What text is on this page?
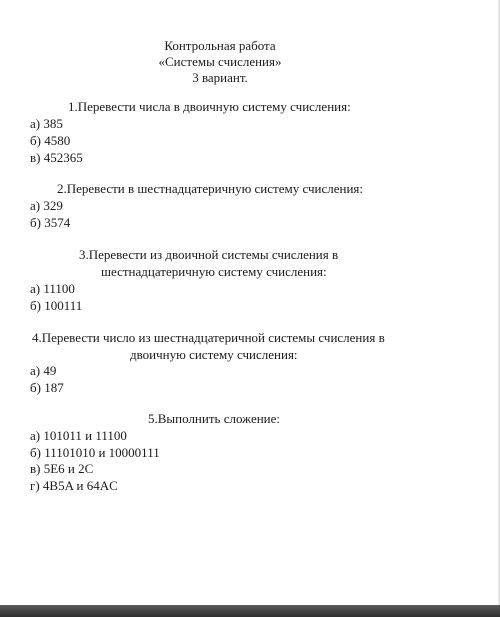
Контрольная работа
«Системы счисления»
3 вариант.
1.Перевести числа в двоичную систему счисления:
а) 385
б) 4580
в) 452365
2.Перевести в шестнадцатеричную систему счисления:
а) 329
б) 3574
3.Перевести из двоичной системы счисления в
шестнадцатеричную систему счисления:
а) 11100
б) 100111
4.Перевести число из шестнадцатеричной системы счисления в
двоичную систему счисления:
а) 49
б) 187
5.Выполнить сложение:
а) 101011 и 11100
б) 11101010 и 10000111
в) 5E6 и 2C
г) 4B5A и 64AC
